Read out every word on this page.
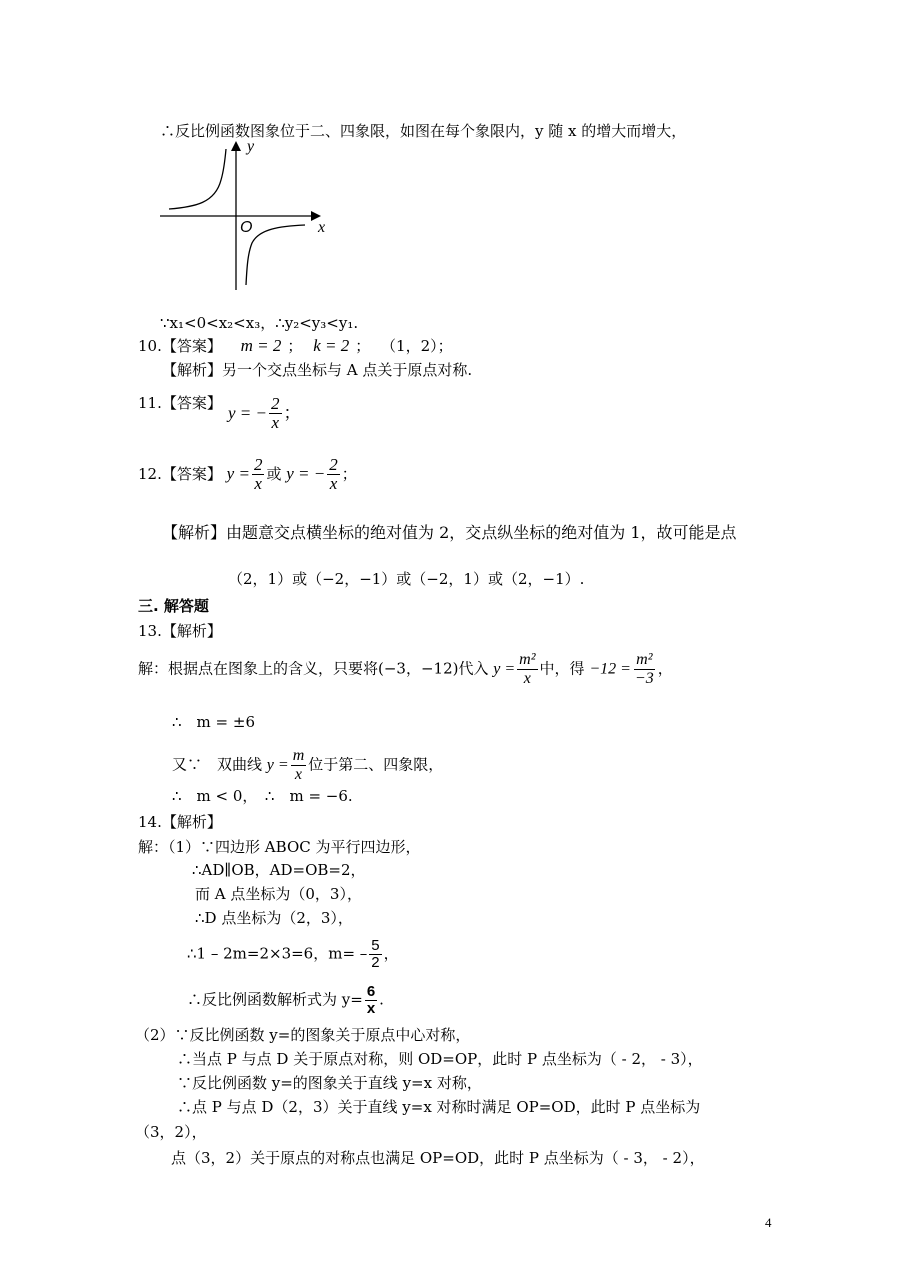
∴反比例函数图象位于二、四象限，如图在每个象限内，y 随 x 的增大而增大，
y
x
O
∵x₁<0<x₂<x₃，∴y₂<y₃<y₁.
10.【答案】 m = 2 ； k = 2 ； （1，2）；
【解析】另一个交点坐标与 A 点关于原点对称.
11.【答案】
y = − $\frac{2}{x}$ ；
12.【答案】 $y = \frac{2}{x}$ 或 y = − $\frac{2}{x}$ ；
【解析】由题意交点横坐标的绝对值为 2，交点纵坐标的绝对值为 1，故可能是点
（2，1）或（−2，−1）或（−2，1）或（2，−1）.
三. 解答题
13.【解析】
解：根据点在图象上的含义，只要将(−3，−12)代入 $y = \frac{\text{m²}}{x}$ 中，得 $-12 = \frac{\text{m²}}{-3}$ ，
∴　m = ±6
又∵　双曲线 $y = \frac{m}{x}$ 位于第二、四象限，
∴　m < 0，　∴　m = −6.
14.【解析】
解：（1）∵四边形 ABOC 为平行四边形，
∴AD∥OB，AD=OB=2，
而 A 点坐标为（0，3），
∴D 点坐标为（2，3），
∴1 – 2m=2×3=6，$m= - \frac{5}{2}$ ，
∴反比例函数解析式为 $y= \frac{6}{x}$ .
（2）∵反比例函数 y=的图象关于原点中心对称，
∴当点 P 与点 D 关于原点对称，则 OD=OP，此时 P 点坐标为（ - 2， - 3），
∵反比例函数 y=的图象关于直线 y=x 对称，
∴点 P 与点 D（2，3）关于直线 y=x 对称时满足 OP=OD，此时 P 点坐标为
（3，2），
点（3，2）关于原点的对称点也满足 OP=OD，此时 P 点坐标为（ - 3， - 2），
4
